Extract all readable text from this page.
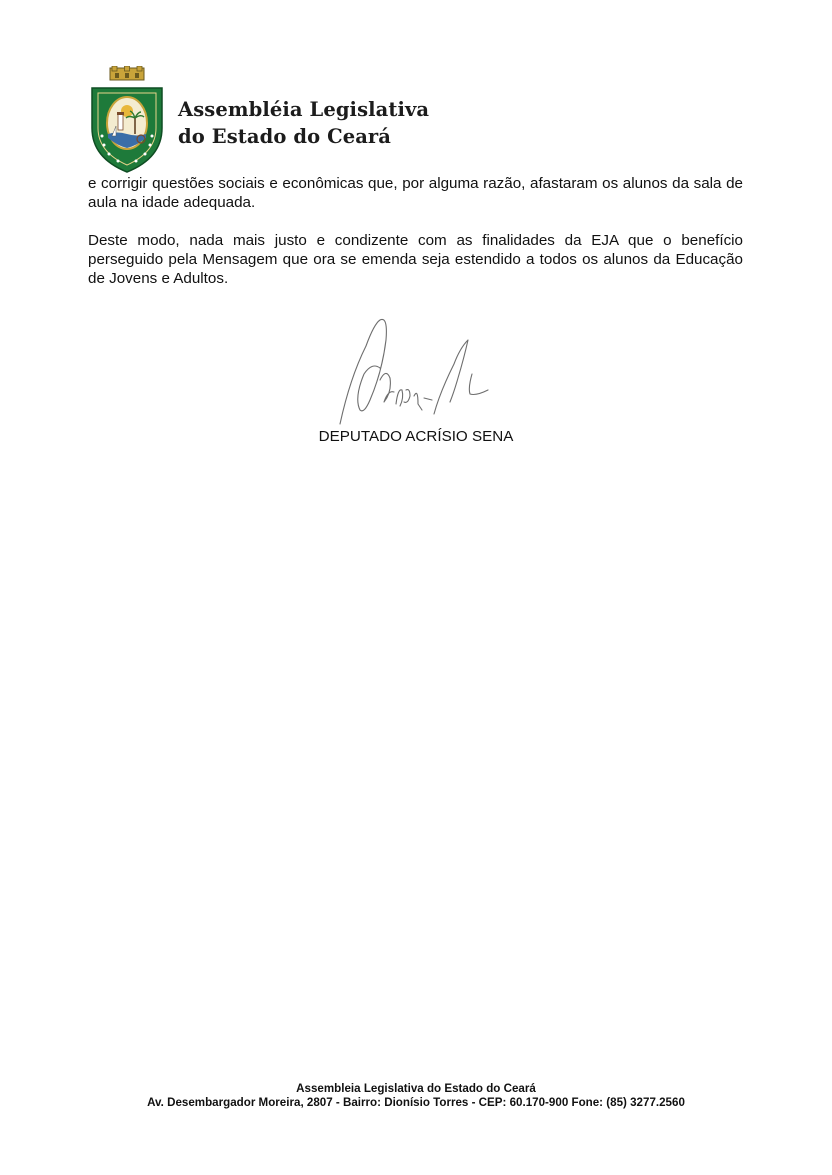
Assembléia Legislativa
do Estado do Ceará

e corrigir questões sociais e econômicas que, por alguma razão, afastaram os alunos da sala de aula na idade adequada.

Deste modo, nada mais justo e condizente com as finalidades da EJA que o benefício perseguido pela Mensagem que ora se emenda seja estendido a todos os alunos da Educação de Jovens e Adultos.

DEPUTADO ACRÍSIO SENA
Assembleia Legislativa do Estado do Ceará
Av. Desembargador Moreira, 2807 - Bairro: Dionísio Torres - CEP: 60.170-900 Fone: (85) 3277.2560
